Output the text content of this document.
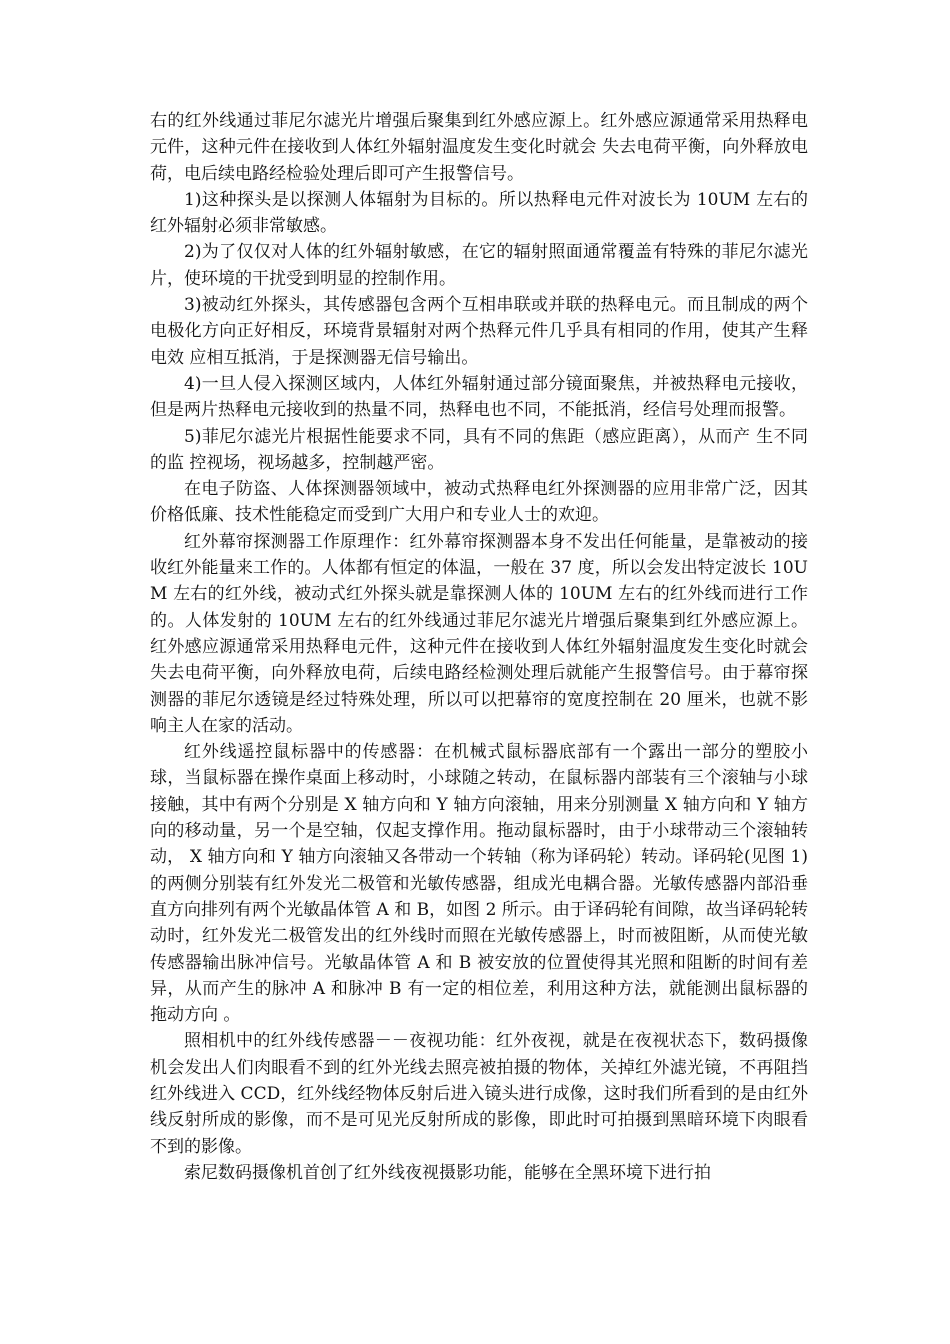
右的红外线通过菲尼尔滤光片增强后聚集到红外感应源上。红外感应源通常采用热释电元件，这种元件在接收到人体红外辐射温度发生变化时就会 失去电荷平衡，向外释放电荷，电后续电路经检验处理后即可产生报警信号。

1)这种探头是以探测人体辐射为目标的。所以热释电元件对波长为 10UM 左右的红外辐射必须非常敏感。

2)为了仅仅对人体的红外辐射敏感，在它的辐射照面通常覆盖有特殊的菲尼尔滤光片，使环境的干扰受到明显的控制作用。

3)被动红外探头，其传感器包含两个互相串联或并联的热释电元。而且制成的两个电极化方向正好相反，环境背景辐射对两个热释元件几乎具有相同的作用，使其产生释电效 应相互抵消，于是探测器无信号输出。

4)一旦人侵入探测区域内，人体红外辐射通过部分镜面聚焦，并被热释电元接收，但是两片热释电元接收到的热量不同，热释电也不同，不能抵消，经信号处理而报警。

5)菲尼尔滤光片根据性能要求不同，具有不同的焦距（感应距离），从而产 生不同的监 控视场，视场越多，控制越严密。

在电子防盗、人体探测器领域中，被动式热释电红外探测器的应用非常广泛，因其价格低廉、技术性能稳定而受到广大用户和专业人士的欢迎。

红外幕帘探测器工作原理作：红外幕帘探测器本身不发出任何能量，是靠被动的接收红外能量来工作的。人体都有恒定的体温，一般在 37 度，所以会发出特定波长 10UM 左右的红外线，被动式红外探头就是靠探测人体的 10UM 左右的红外线而进行工作的。人体发射的 10UM 左右的红外线通过菲尼尔滤光片增强后聚集到红外感应源上。红外感应源通常采用热释电元件，这种元件在接收到人体红外辐射温度发生变化时就会失去电荷平衡，向外释放电荷，后续电路经检测处理后就能产生报警信号。由于幕帘探测器的菲尼尔透镜是经过特殊处理，所以可以把幕帘的宽度控制在 20 厘米，也就不影响主人在家的活动。

红外线遥控鼠标器中的传感器：在机械式鼠标器底部有一个露出一部分的塑胶小球，当鼠标器在操作桌面上移动时，小球随之转动，在鼠标器内部装有三个滚轴与小球接触，其中有两个分别是 X 轴方向和 Y 轴方向滚轴，用来分别测量 X 轴方向和 Y 轴方向的移动量，另一个是空轴，仅起支撑作用。拖动鼠标器时，由于小球带动三个滚轴转动， X 轴方向和 Y 轴方向滚轴又各带动一个转轴（称为译码轮）转动。译码轮(见图 1)的两侧分别装有红外发光二极管和光敏传感器，组成光电耦合器。光敏传感器内部沿垂直方向排列有两个光敏晶体管 A 和 B，如图 2 所示。由于译码轮有间隙，故当译码轮转动时，红外发光二极管发出的红外线时而照在光敏传感器上，时而被阻断，从而使光敏传感器输出脉冲信号。光敏晶体管 A 和 B 被安放的位置使得其光照和阻断的时间有差异，从而产生的脉冲 A 和脉冲 B 有一定的相位差，利用这种方法，就能测出鼠标器的拖动方向 。

照相机中的红外线传感器－－夜视功能：红外夜视，就是在夜视状态下，数码摄像机会发出人们肉眼看不到的红外光线去照亮被拍摄的物体，关掉红外滤光镜，不再阻挡红外线进入 CCD，红外线经物体反射后进入镜头进行成像，这时我们所看到的是由红外线反射所成的影像，而不是可见光反射所成的影像，即此时可拍摄到黑暗环境下肉眼看不到的影像。

索尼数码摄像机首创了红外线夜视摄影功能，能够在全黑环境下进行拍
